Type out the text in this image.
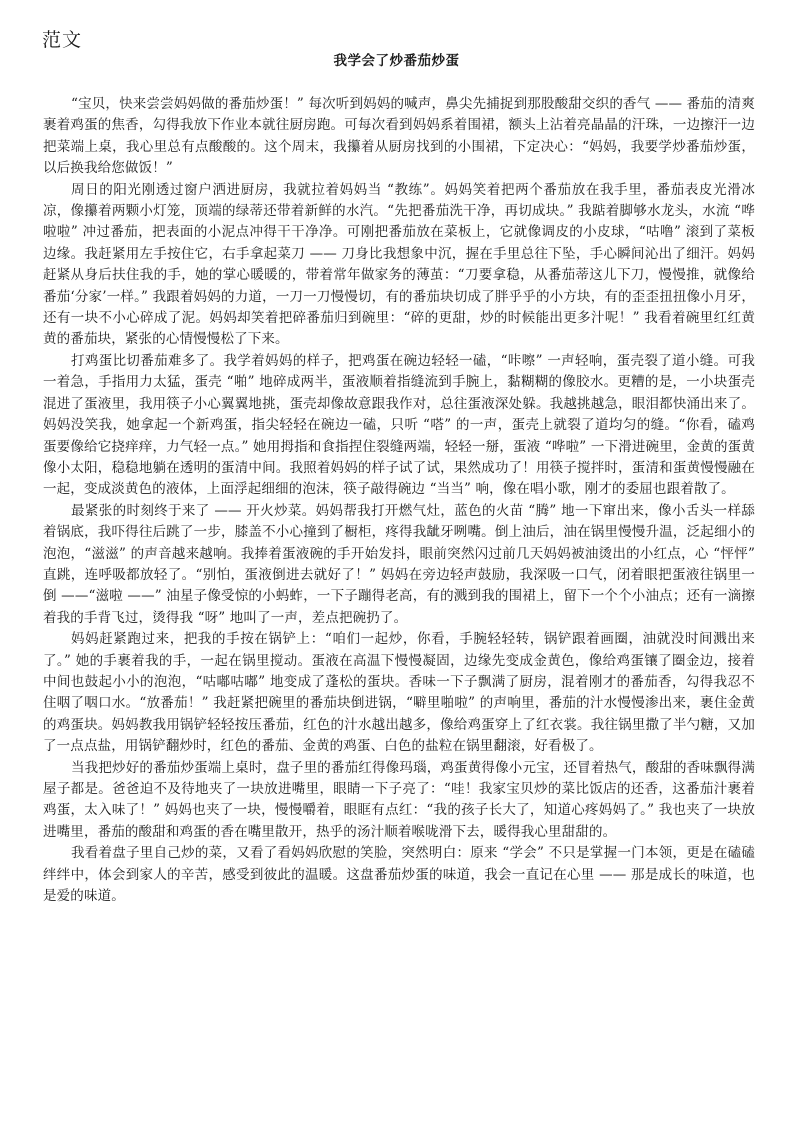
范文
我学会了炒番茄炒蛋

“宝贝，快来尝尝妈妈做的番茄炒蛋！” 每次听到妈妈的喊声，鼻尖先捕捉到那股酸甜交织的香气 —— 番茄的清爽裹着鸡蛋的焦香，勾得我放下作业本就往厨房跑。可每次看到妈妈系着围裙，额头上沾着亮晶晶的汗珠，一边擦汗一边把菜端上桌，我心里总有点酸酸的。这个周末，我攥着从厨房找到的小围裙，下定决心：“妈妈，我要学炒番茄炒蛋，以后换我给您做饭！”

周日的阳光刚透过窗户洒进厨房，我就拉着妈妈当 “教练”。妈妈笑着把两个番茄放在我手里，番茄表皮光滑冰凉，像攥着两颗小灯笼，顶端的绿蒂还带着新鲜的水汽。“先把番茄洗干净，再切成块。” 我踮着脚够水龙头，水流 “哗啦啦” 冲过番茄，把表面的小泥点冲得干干净净。可刚把番茄放在菜板上，它就像调皮的小皮球，“咕噜” 滚到了菜板边缘。我赶紧用左手按住它，右手拿起菜刀 —— 刀身比我想象中沉，握在手里总往下坠，手心瞬间沁出了细汗。妈妈赶紧从身后扶住我的手，她的掌心暖暖的，带着常年做家务的薄茧：“刀要拿稳，从番茄蒂这儿下刀，慢慢推，就像给番茄‘分家’一样。” 我跟着妈妈的力道，一刀一刀慢慢切，有的番茄块切成了胖乎乎的小方块，有的歪歪扭扭像小月牙，还有一块不小心碎成了泥。妈妈却笑着把碎番茄归到碗里：“碎的更甜，炒的时候能出更多汁呢！” 我看着碗里红红黄黄的番茄块，紧张的心情慢慢松了下来。

打鸡蛋比切番茄难多了。我学着妈妈的样子，把鸡蛋在碗边轻轻一磕，“咔嚓” 一声轻响，蛋壳裂了道小缝。可我一着急，手指用力太猛，蛋壳 “啪” 地碎成两半，蛋液顺着指缝流到手腕上，黏糊糊的像胶水。更糟的是，一小块蛋壳混进了蛋液里，我用筷子小心翼翼地挑，蛋壳却像故意跟我作对，总往蛋液深处躲。我越挑越急，眼泪都快涌出来了。妈妈没笑我，她拿起一个新鸡蛋，指尖轻轻在碗边一磕，只听 “嗒” 的一声，蛋壳上就裂了道均匀的缝。“你看，磕鸡蛋要像给它挠痒痒，力气轻一点。” 她用拇指和食指捏住裂缝两端，轻轻一掰，蛋液 “哗啦” 一下滑进碗里，金黄的蛋黄像小太阳，稳稳地躺在透明的蛋清中间。我照着妈妈的样子试了试，果然成功了！用筷子搅拌时，蛋清和蛋黄慢慢融在一起，变成淡黄色的液体，上面浮起细细的泡沫，筷子敲得碗边 “当当” 响，像在唱小歌，刚才的委屈也跟着散了。

最紧张的时刻终于来了 —— 开火炒菜。妈妈帮我打开燃气灶，蓝色的火苗 “腾” 地一下窜出来，像小舌头一样舔着锅底，我吓得往后跳了一步，膝盖不小心撞到了橱柜，疼得我龇牙咧嘴。倒上油后，油在锅里慢慢升温，泛起细小的泡泡，“滋滋” 的声音越来越响。我捧着蛋液碗的手开始发抖，眼前突然闪过前几天妈妈被油烫出的小红点，心 “怦怦” 直跳，连呼吸都放轻了。“别怕，蛋液倒进去就好了！” 妈妈在旁边轻声鼓励，我深吸一口气，闭着眼把蛋液往锅里一倒 ——“滋啦 ——” 油星子像受惊的小蚂蚱，一下子蹦得老高，有的溅到我的围裙上，留下一个个小油点；还有一滴擦着我的手背飞过，烫得我 “呀” 地叫了一声，差点把碗扔了。

妈妈赶紧跑过来，把我的手按在锅铲上：“咱们一起炒，你看，手腕轻轻转，锅铲跟着画圈，油就没时间溅出来了。” 她的手裹着我的手，一起在锅里搅动。蛋液在高温下慢慢凝固，边缘先变成金黄色，像给鸡蛋镶了圈金边，接着中间也鼓起小小的泡泡，“咕嘟咕嘟” 地变成了蓬松的蛋块。香味一下子飘满了厨房，混着刚才的番茄香，勾得我忍不住咽了咽口水。“放番茄！” 我赶紧把碗里的番茄块倒进锅，“噼里啪啦” 的声响里，番茄的汁水慢慢渗出来，裹住金黄的鸡蛋块。妈妈教我用锅铲轻轻按压番茄，红色的汁水越出越多，像给鸡蛋穿上了红衣裳。我往锅里撒了半勺糖，又加了一点点盐，用锅铲翻炒时，红色的番茄、金黄的鸡蛋、白色的盐粒在锅里翻滚，好看极了。

当我把炒好的番茄炒蛋端上桌时，盘子里的番茄红得像玛瑙，鸡蛋黄得像小元宝，还冒着热气，酸甜的香味飘得满屋子都是。爸爸迫不及待地夹了一块放进嘴里，眼睛一下子亮了：“哇！我家宝贝炒的菜比饭店的还香，这番茄汁裹着鸡蛋，太入味了！” 妈妈也夹了一块，慢慢嚼着，眼眶有点红：“我的孩子长大了，知道心疼妈妈了。” 我也夹了一块放进嘴里，番茄的酸甜和鸡蛋的香在嘴里散开，热乎的汤汁顺着喉咙滑下去，暖得我心里甜甜的。

我看着盘子里自己炒的菜，又看了看妈妈欣慰的笑脸，突然明白：原来 “学会” 不只是掌握一门本领，更是在磕磕绊绊中，体会到家人的辛苦，感受到彼此的温暖。这盘番茄炒蛋的味道，我会一直记在心里 —— 那是成长的味道，也是爱的味道。
